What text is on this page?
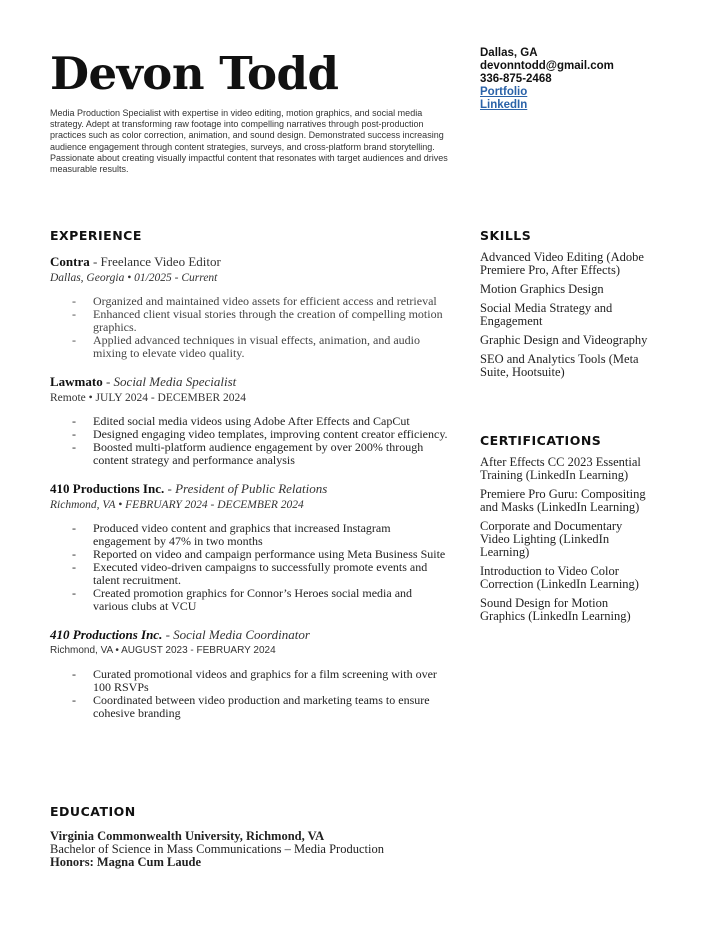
Devon Todd
Media Production Specialist with expertise in video editing, motion graphics, and social media strategy. Adept at transforming raw footage into compelling narratives through post-production practices such as color correction, animation, and sound design. Demonstrated success increasing audience engagement through content strategies, surveys, and cross-platform brand storytelling. Passionate about creating visually impactful content that resonates with target audiences and drives measurable results.
Dallas, GA
devonntodd@gmail.com
336-875-2468
Portfolio
LinkedIn
EXPERIENCE
Contra - Freelance Video Editor
Dallas, Georgia • 01/2025 - Current
- Organized and maintained video assets for efficient access and retrieval
- Enhanced client visual stories through the creation of compelling motion graphics.
- Applied advanced techniques in visual effects, animation, and audio mixing to elevate video quality.
Lawmato - Social Media Specialist
Remote • JULY 2024 - DECEMBER 2024
- Edited social media videos using Adobe After Effects and CapCut
- Designed engaging video templates, improving content creator efficiency.
- Boosted multi-platform audience engagement by over 200% through content strategy and performance analysis
410 Productions Inc. - President of Public Relations
Richmond, VA • FEBRUARY 2024 - DECEMBER 2024
- Produced video content and graphics that increased Instagram engagement by 47% in two months
- Reported on video and campaign performance using Meta Business Suite
- Executed video-driven campaigns to successfully promote events and talent recruitment.
- Created promotion graphics for Connor’s Heroes social media and various clubs at VCU
410 Productions Inc. - Social Media Coordinator
Richmond, VA • AUGUST 2023 - FEBRUARY 2024
- Curated promotional videos and graphics for a film screening with over 100 RSVPs
- Coordinated between video production and marketing teams to ensure cohesive branding
EDUCATION
Virginia Commonwealth University, Richmond, VA
Bachelor of Science in Mass Communications – Media Production
Honors: Magna Cum Laude
SKILLS
Advanced Video Editing (Adobe Premiere Pro, After Effects)
Motion Graphics Design
Social Media Strategy and Engagement
Graphic Design and Videography
SEO and Analytics Tools (Meta Suite, Hootsuite)
CERTIFICATIONS
After Effects CC 2023 Essential Training (LinkedIn Learning)
Premiere Pro Guru: Compositing and Masks (LinkedIn Learning)
Corporate and Documentary Video Lighting (LinkedIn Learning)
Introduction to Video Color Correction (LinkedIn Learning)
Sound Design for Motion Graphics (LinkedIn Learning)
